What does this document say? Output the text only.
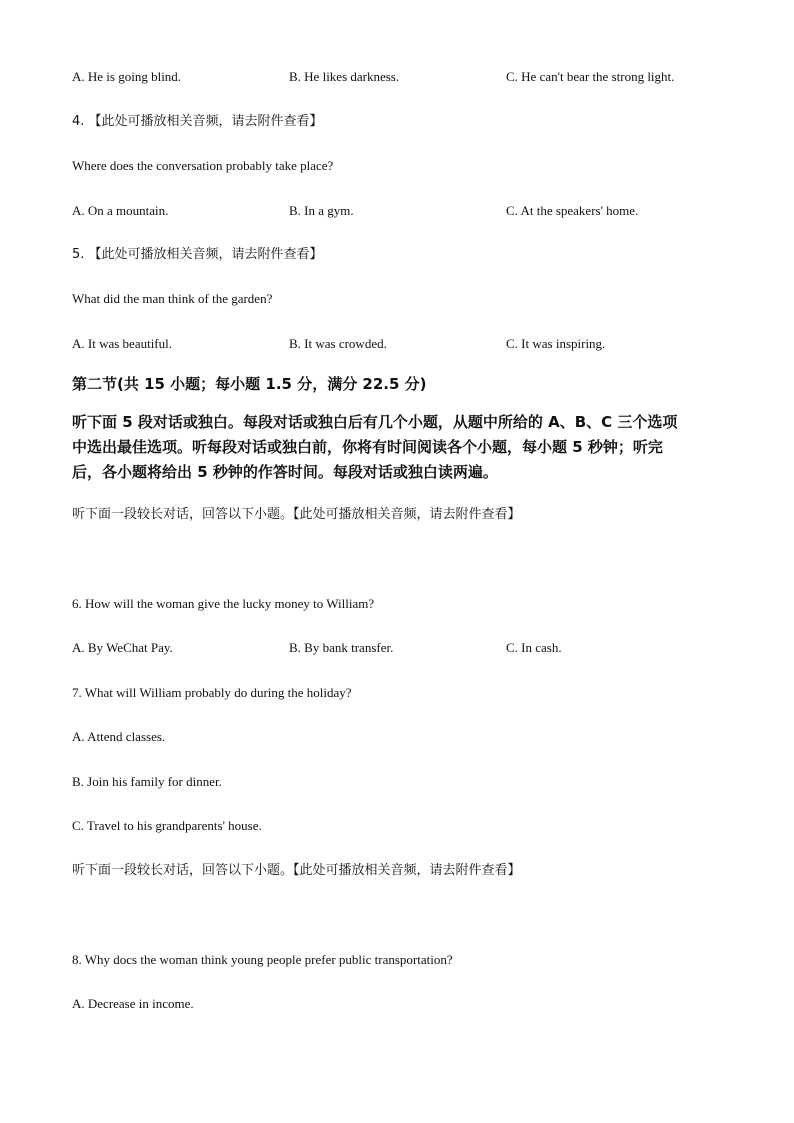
A. He is going blind.	B. He likes darkness.	C. He can't bear the strong light.
4. 【此处可播放相关音频，请去附件查看】
Where does the conversation probably take place?
A. On a mountain.	B. In a gym.	C. At the speakers' home.
5. 【此处可播放相关音频，请去附件查看】
What did the man think of the garden?
A. It was beautiful.	B. It was crowded.	C. It was inspiring.
第二节(共 15 小题；每小题 1.5 分，满分 22.5 分)
听下面 5 段对话或独白。每段对话或独白后有几个小题，从题中所给的 A、B、C 三个选项
中选出最佳选项。听每段对话或独白前，你将有时间阅读各个小题，每小题 5 秒钟；听完
后，各小题将给出 5 秒钟的作答时间。每段对话或独白读两遍。
听下面一段较长对话，回答以下小题。【此处可播放相关音频，请去附件查看】
6. How will the woman give the lucky money to William?
A. By WeChat Pay.	B. By bank transfer.	C. In cash.
7. What will William probably do during the holiday?
A. Attend classes.
B. Join his family for dinner.
C. Travel to his grandparents' house.
听下面一段较长对话，回答以下小题。【此处可播放相关音频，请去附件查看】
8. Why docs the woman think young people prefer public transportation?
A. Decrease in income.
